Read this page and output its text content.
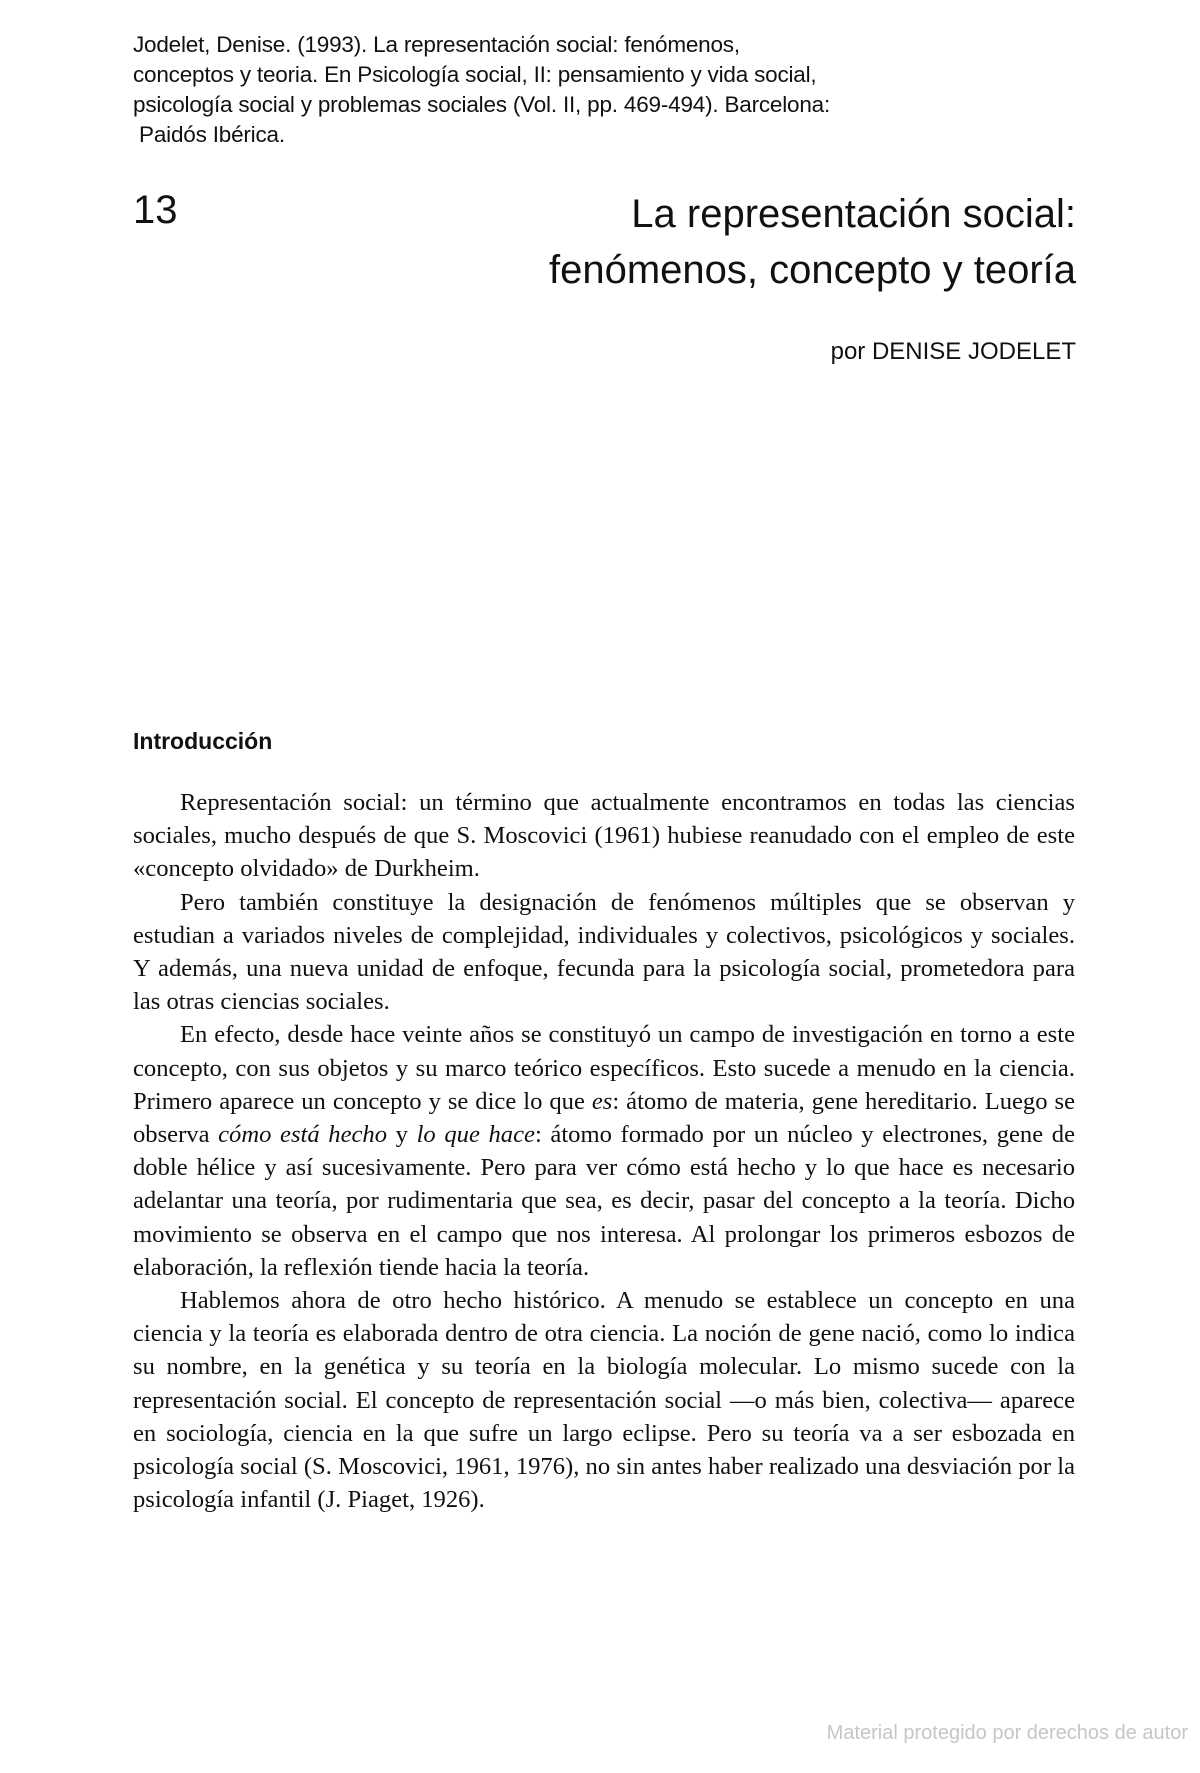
Jodelet, Denise. (1993). La representación social: fenómenos,
conceptos y teoria. En Psicología social, II: pensamiento y vida social,
psicología social y problemas sociales (Vol. II, pp. 469-494). Barcelona:
Paidós Ibérica.
13	La representación social:
fenómenos, concepto y teoría
por DENISE JODELET
Introducción

Representación social: un término que actualmente encontramos en todas las ciencias sociales, mucho después de que S. Moscovici (1961) hubiese reanudado con el empleo de este «concepto olvidado» de Durkheim.

Pero también constituye la designación de fenómenos múltiples que se observan y estudian a variados niveles de complejidad, individuales y colectivos, psicológicos y sociales. Y además, una nueva unidad de enfoque, fecunda para la psicología social, prometedora para las otras ciencias sociales.

En efecto, desde hace veinte años se constituyó un campo de investigación en torno a este concepto, con sus objetos y su marco teórico específicos. Esto sucede a menudo en la ciencia. Primero aparece un concepto y se dice lo que es: átomo de materia, gene hereditario. Luego se observa cómo está hecho y lo que hace: átomo formado por un núcleo y electrones, gene de doble hélice y así sucesivamente. Pero para ver cómo está hecho y lo que hace es necesario adelantar una teoría, por rudimentaria que sea, es decir, pasar del concepto a la teoría. Dicho movimiento se observa en el campo que nos interesa. Al prolongar los primeros esbozos de elaboración, la reflexión tiende hacia la teoría.

Hablemos ahora de otro hecho histórico. A menudo se establece un concepto en una ciencia y la teoría es elaborada dentro de otra ciencia. La noción de gene nació, como lo indica su nombre, en la genética y su teoría en la biología molecular. Lo mismo sucede con la representación social. El concepto de representación social —o más bien, colectiva— aparece en sociología, ciencia en la que sufre un largo eclipse. Pero su teoría va a ser esbozada en psicología social (S. Moscovici, 1961, 1976), no sin antes haber realizado una desviación por la psicología infantil (J. Piaget, 1926).

Material protegido por derechos de autor
